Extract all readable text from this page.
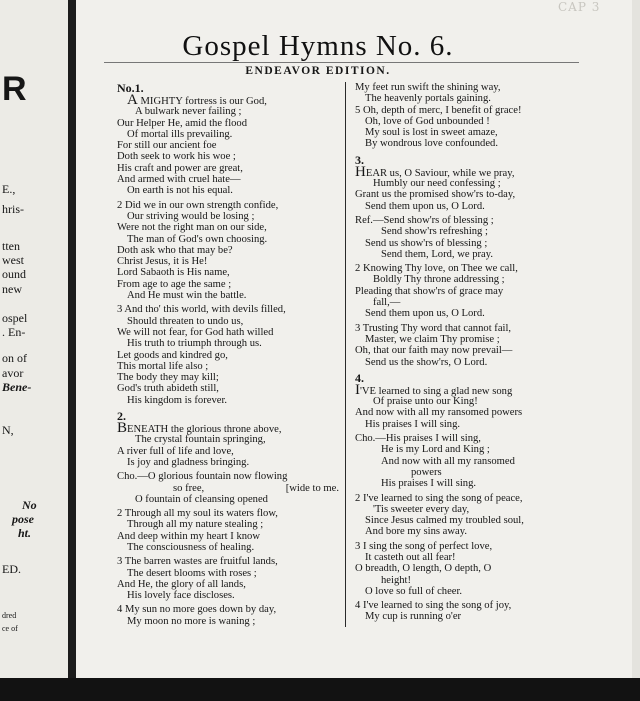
R
E.,
hris-
tten
west
ound
new
ospel
. En-
on of
avor
Bene-
N,
No
pose
ht.
ED.
dred
ce of
CAP 3
Gospel Hymns No. 6.
ENDEAVOR EDITION.
No.1.
A MIGHTY fortress is our God,
A bulwark never failing ;
Our Helper He, amid the flood
Of mortal ills prevailing.
For still our ancient foe
Doth seek to work his woe ;
His craft and power are great,
And armed with cruel hate—
On earth is not his equal.
2 Did we in our own strength confide,
Our striving would be losing ;
Were not the right man on our side,
The man of God's own choosing.
Doth ask who that may be?
Christ Jesus, it is He!
Lord Sabaoth is His name,
From age to age the same ;
And He must win the battle.
3 And tho' this world, with devils filled,
Should threaten to undo us,
We will not fear, for God hath willed
His truth to triumph through us.
Let goods and kindred go,
This mortal life also ;
The body they may kill;
God's truth abideth still,
His kingdom is forever.
2.
BENEATH the glorious throne above,
The crystal fountain springing,
A river full of life and love,
Is joy and gladness bringing.
Cho.—O glorious fountain now flowing
so free,	[wide to me.
O fountain of cleansing opened
2 Through all my soul its waters flow,
Through all my nature stealing ;
And deep within my heart I know
The consciousness of healing.
3 The barren wastes are fruitful lands,
The desert blooms with roses ;
And He, the glory of all lands,
His lovely face discloses.
4 My sun no more goes down by day,
My moon no more is waning ;
My feet run swift the shining way,
The heavenly portals gaining.
5 Oh, depth of merc, I benefit of grace!
Oh, love of God unbounded !
My soul is lost in sweet amaze,
By wondrous love confounded.
3.
HEAR us, O Saviour, while we pray,
Humbly our need confessing ;
Grant us the promised show'rs to-day,
Send them upon us, O Lord.
Ref.—Send show'rs of blessing ;
Send show'rs refreshing ;
Send us show'rs of blessing ;
Send them, Lord, we pray.
2 Knowing Thy love, on Thee we call,
Boldly Thy throne addressing ;
Pleading that show'rs of grace may
fall,—
Send them upon us, O Lord.
3 Trusting Thy word that cannot fail,
Master, we claim Thy promise ;
Oh, that our faith may now prevail—
Send us the show'rs, O Lord.
4.
I'VE learned to sing a glad new song
Of praise unto our King!
And now with all my ransomed powers
His praises I will sing.
Cho.—His praises I will sing,
He is my Lord and King ;
And now with all my ransomed
powers
His praises I will sing.
2 I've learned to sing the song of peace,
'Tis sweeter every day,
Since Jesus calmed my troubled soul,
And bore my sins away.
3 I sing the song of perfect love,
It casteth out all fear!
O breadth, O length, O depth, O
height!
O love so full of cheer.
4 I've learned to sing the song of joy,
My cup is running o'er
